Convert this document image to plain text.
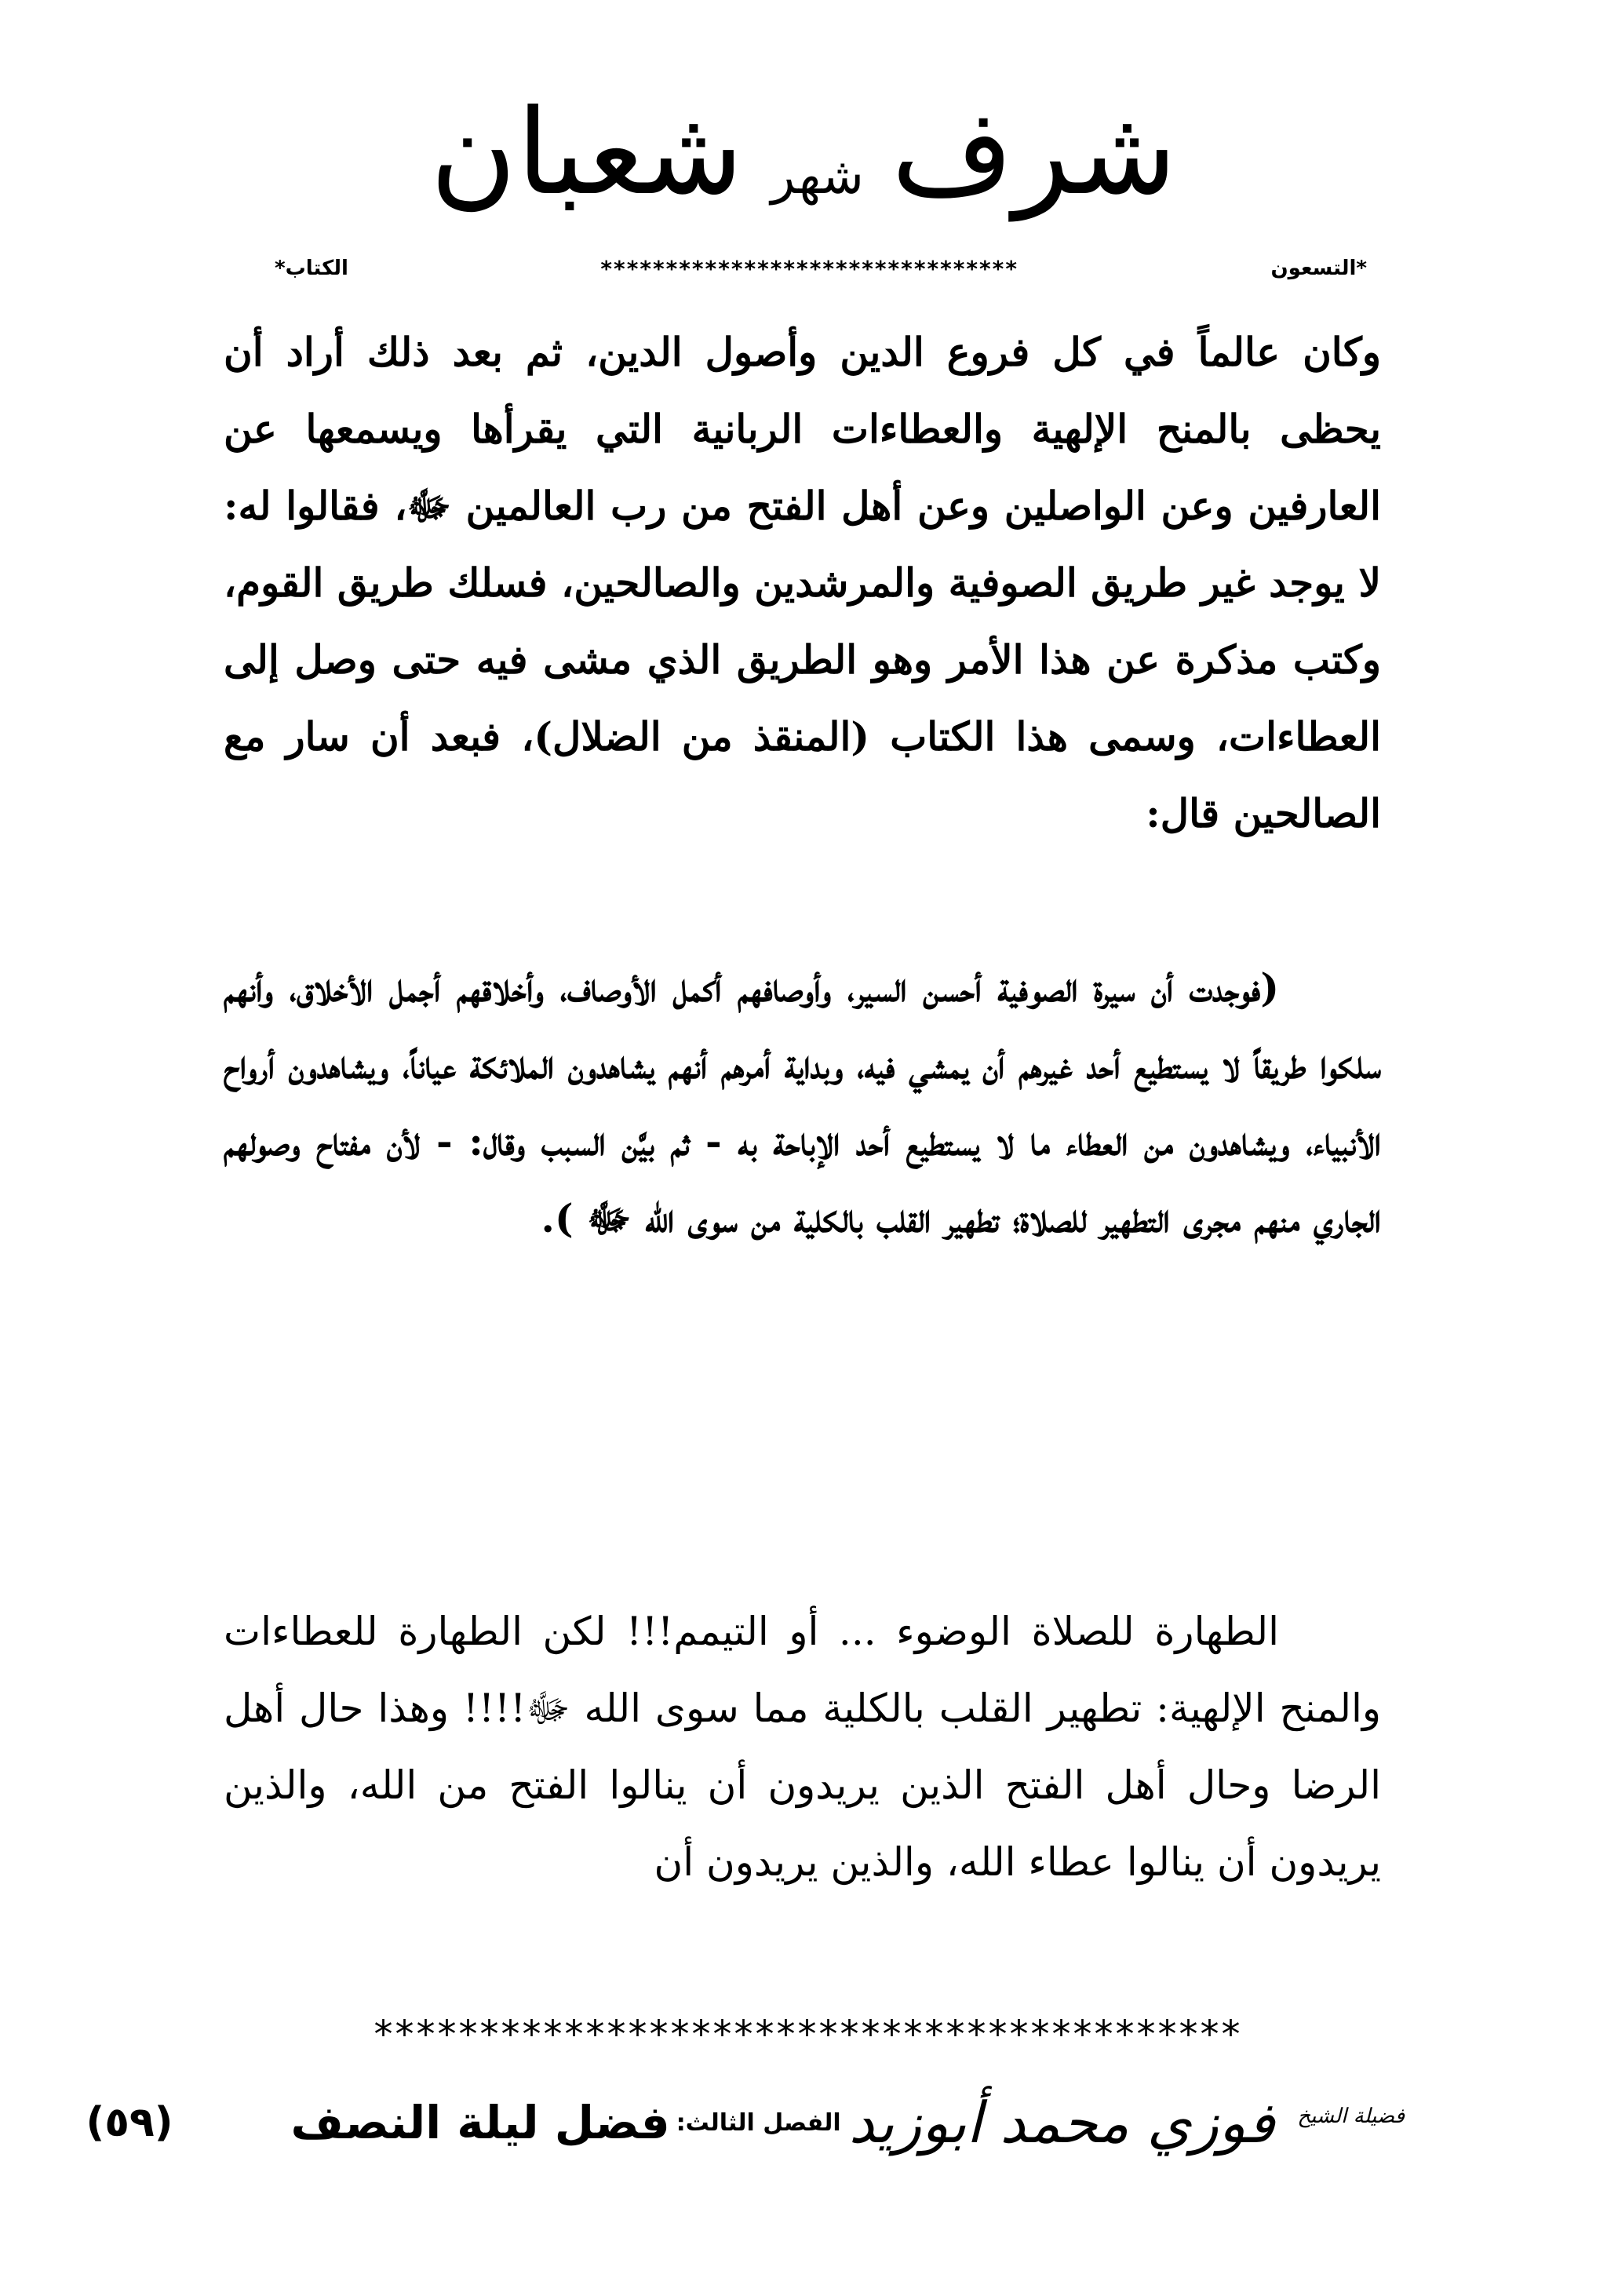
شرف شهر شعبان
*
التسعون
********************************
الكتاب
*

وكان عالماً في كل فروع الدين وأصول الدين، ثم بعد ذلك أراد أن يحظى بالمنح الإلهية والعطاءات الربانية التي يقرأها ويسمعها عن العارفين وعن الواصلين وعن أهل الفتح من رب العالمين ﷻ، فقالوا له: لا يوجد غير طريق الصوفية والمرشدين والصالحين، فسلك طريق القوم، وكتب مذكرة عن هذا الأمر وهو الطريق الذي مشى فيه حتى وصل إلى العطاءات، وسمى هذا الكتاب (المنقذ من الضلال)، فبعد أن سار مع الصالحين قال:

(فوجدت أن سيرة الصوفية أحسن السير، وأوصافهم أكمل الأوصاف، وأخلاقهم أجمل الأخلاق، وأنهم سلكوا طريقاً لا يستطيع أحد غيرهم أن يمشي فيه، وبداية أمرهم أنهم يشاهدون الملائكة عياناً، ويشاهدون أرواح الأنبياء، ويشاهدون من العطاء ما لا يستطيع أحد الإباحة به - ثم بيَّن السبب وقال: - لأن مفتاح وصولهم الجاري منهم مجرى التطهير للصلاة؛ تطهير القلب بالكلية من سوى الله ﷻ ).

الطهارة للصلاة الوضوء ... أو التيمم!!! لكن الطهارة للعطاءات والمنح الإلهية: تطهير القلب بالكلية مما سوى الله ﷻ!!!! وهذا حال أهل الرضا وحال أهل الفتح الذين يريدون أن ينالوا الفتح من الله، والذين يريدون أن ينالوا عطاء الله، والذين يريدون أن

*****************************************
$^{فضيلة الشيخ}$ فوزي محمد أبوزيد
الفصل الثالث:
فضل ليلة النصف
(٥٩)
